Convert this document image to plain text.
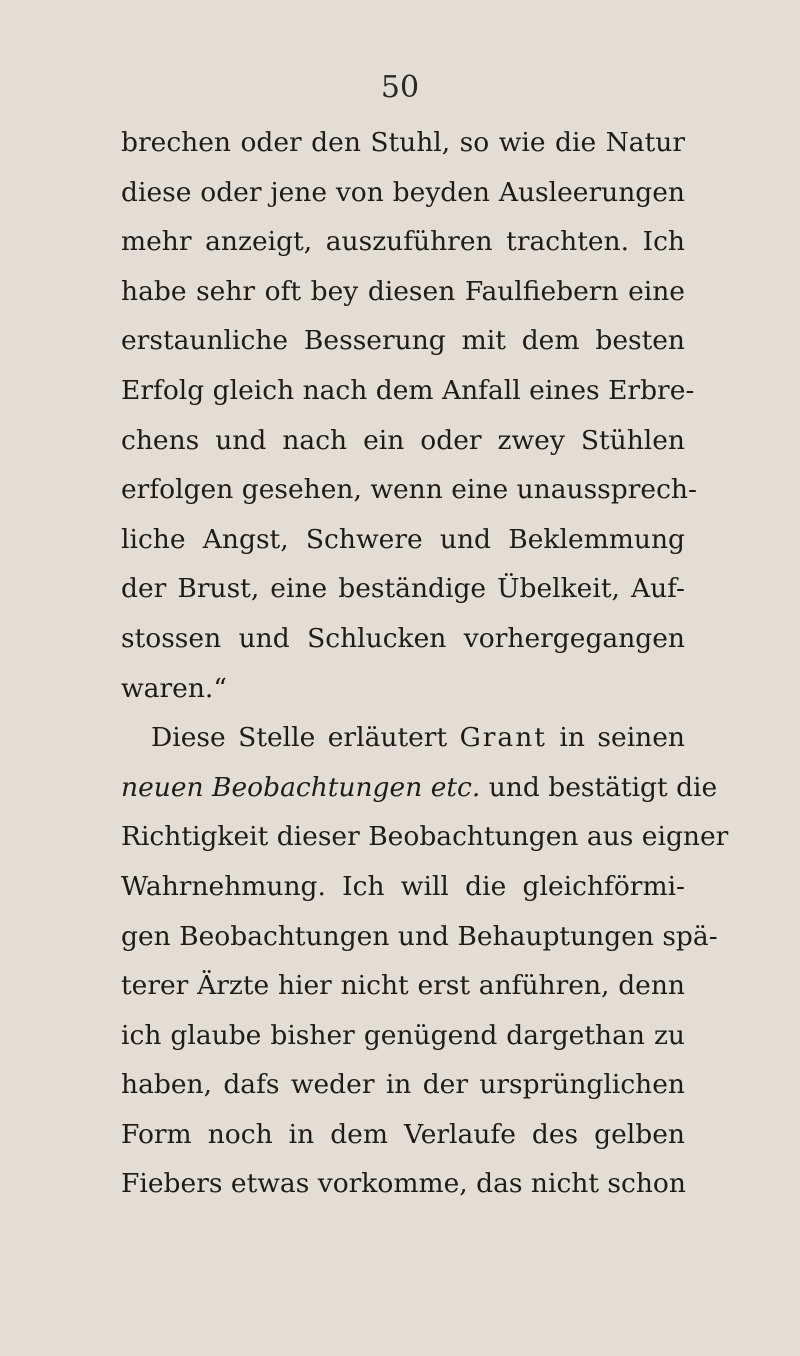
50
brechen oder den Stuhl, so wie die Natur
diese oder jene von beyden Ausleerungen
mehr anzeigt, auszuführen trachten. Ich
habe sehr oft bey diesen Faulfiebern eine
erstaunliche Besserung mit dem besten
Erfolg gleich nach dem Anfall eines Erbre-
chens und nach ein oder zwey Stühlen
erfolgen gesehen, wenn eine unaussprech-
liche Angst, Schwere und Beklemmung
der Brust, eine beständige Übelkeit, Auf-
stossen und Schlucken vorhergegangen
waren.“
Diese Stelle erläutert Grant in seinen
neuen Beobachtungen etc. und bestätigt die
Richtigkeit dieser Beobachtungen aus eigner
Wahrnehmung. Ich will die gleichförmi-
gen Beobachtungen und Behauptungen spä-
terer Ärzte hier nicht erst anführen, denn
ich glaube bisher genügend dargethan zu
haben, dafs weder in der ursprünglichen
Form noch in dem Verlaufe des gelben
Fiebers etwas vorkomme, das nicht schon
